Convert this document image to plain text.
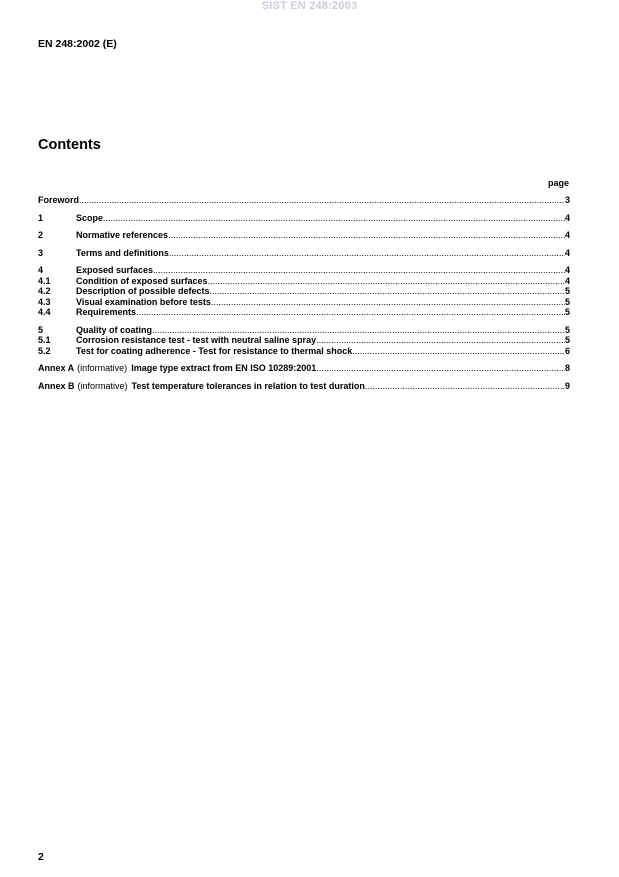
SIST EN 248:2003
EN 248:2002 (E)
Contents
page
Foreword .....	3
1	Scope .....	4
2	Normative references .....	4
3	Terms and definitions .....	4
4	Exposed surfaces .....	4
4.1	Condition of exposed surfaces .....	4
4.2	Description of possible defects .....	5
4.3	Visual examination before tests .....	5
4.4	Requirements .....	5
5	Quality of coating .....	5
5.1	Corrosion resistance test - test with neutral saline spray .....	5
5.2	Test for coating adherence - Test for resistance to thermal shock .....	6
Annex A (informative) Image type extract from EN ISO 10289:2001 .....	8
Annex B (informative) Test temperature tolerances in relation to test duration .....	9
2
